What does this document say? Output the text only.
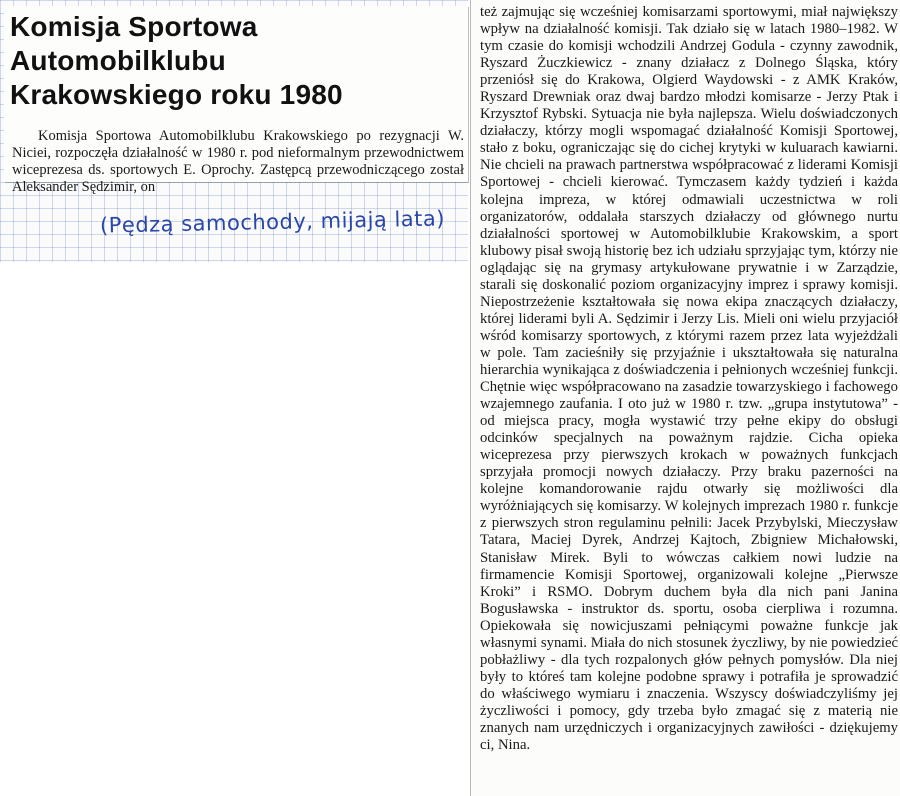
Komisja Sportowa Automobilklubu Krakowskiego roku 1980

Komisja Sportowa Automobilklubu Krakowskiego po rezygnacji W. Niciei, rozpoczęła działalność w 1980 r. pod nieformalnym przewodnictwem wiceprezesa ds. sportowych E. Oprochy. Zastępcą przewodniczącego został Aleksander Sędzimir, on

(Pędzą samochody, mijają lata)

też zajmując się wcześniej komisarzami sportowymi, miał największy wpływ na działalność komisji. Tak działo się w latach 1980–1982. W tym czasie do komisji wchodzili Andrzej Godula - czynny zawodnik, Ryszard Żuczkiewicz - znany działacz z Dolnego Śląska, który przeniósł się do Krakowa, Olgierd Waydowski - z AMK Kraków, Ryszard Drewniak oraz dwaj bardzo młodzi komisarze - Jerzy Ptak i Krzysztof Rybski. Sytuacja nie była najlepsza. Wielu doświadczonych działaczy, którzy mogli wspomagać działalność Komisji Sportowej, stało z boku, ograniczając się do cichej krytyki w kuluarach kawiarni. Nie chcieli na prawach partnerstwa współpracować z liderami Komisji Sportowej - chcieli kierować. Tymczasem każdy tydzień i każda kolejna impreza, w której odmawiali uczestnictwa w roli organizatorów, oddalała starszych działaczy od głównego nurtu działalności sportowej w Automobilklubie Krakowskim, a sport klubowy pisał swoją historię bez ich udziału sprzyjając tym, którzy nie oglądając się na grymasy artykułowane prywatnie i w Zarządzie, starali się doskonalić poziom organizacyjny imprez i sprawy komisji. Niepostrzeżenie kształtowała się nowa ekipa znaczących działaczy, której liderami byli A. Sędzimir i Jerzy Lis. Mieli oni wielu przyjaciół wśród komisarzy sportowych, z którymi razem przez lata wyjeżdżali w pole. Tam zacieśniły się przyjaźnie i ukształtowała się naturalna hierarchia wynikająca z doświadczenia i pełnionych wcześniej funkcji. Chętnie więc współpracowano na zasadzie towarzyskiego i fachowego wzajemnego zaufania. I oto już w 1980 r. tzw. „grupa instytutowa” - od miejsca pracy, mogła wystawić trzy pełne ekipy do obsługi odcinków specjalnych na poważnym rajdzie. Cicha opieka wiceprezesa przy pierwszych krokach w poważnych funkcjach sprzyjała promocji nowych działaczy. Przy braku pazerności na kolejne komandorowanie rajdu otwarły się możliwości dla wyróżniających się komisarzy. W kolejnych imprezach 1980 r. funkcje z pierwszych stron regulaminu pełnili: Jacek Przybylski, Mieczysław Tatara, Maciej Dyrek, Andrzej Kajtoch, Zbigniew Michałowski, Stanisław Mirek. Byli to wówczas całkiem nowi ludzie na firmamencie Komisji Sportowej, organizowali kolejne „Pierwsze Kroki” i RSMO. Dobrym duchem była dla nich pani Janina Bogusławska - instruktor ds. sportu, osoba cierpliwa i rozumna. Opiekowała się nowicjuszami pełniącymi poważne funkcje jak własnymi synami. Miała do nich stosunek życzliwy, by nie powiedzieć pobłażliwy - dla tych rozpalonych głów pełnych pomysłów. Dla niej były to któreś tam kolejne podobne sprawy i potrafiła je sprowadzić do właściwego wymiaru i znaczenia. Wszyscy doświadczyliśmy jej życzliwości i pomocy, gdy trzeba było zmagać się z materią nie znanych nam urzędniczych i organizacyjnych zawiłości - dziękujemy ci, Nina.
